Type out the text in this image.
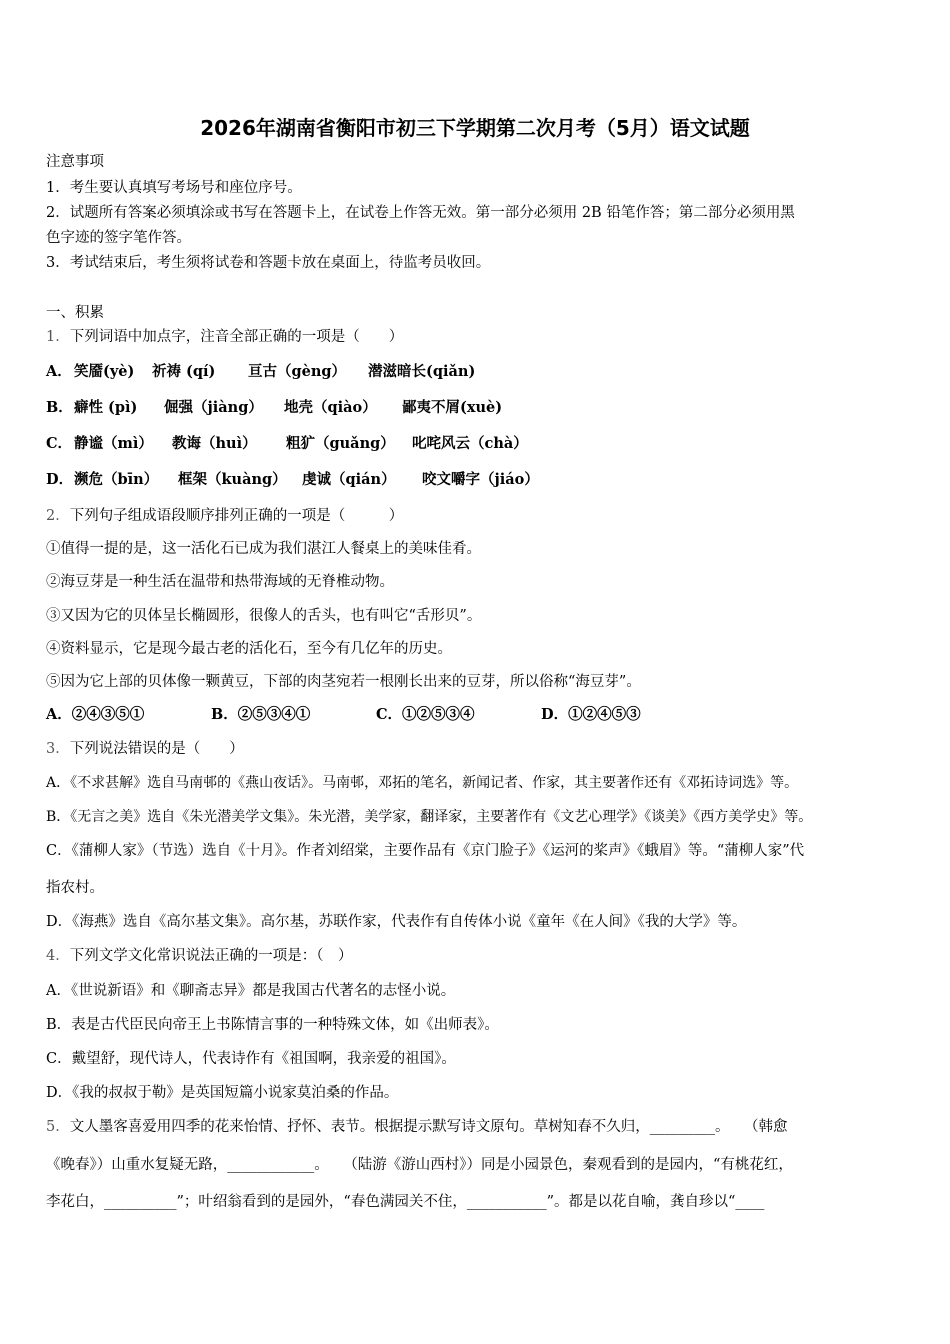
2026年湖南省衡阳市初三下学期第二次月考（5月）语文试题
注意事项
1．考生要认真填写考场号和座位序号。
2．试题所有答案必须填涂或书写在答题卡上，在试卷上作答无效。第一部分必须用 2B 铅笔作答；第二部分必须用黑
色字迹的签字笔作答。
3．考试结束后，考生须将试卷和答题卡放在桌面上，待监考员收回。
一、积累
1．下列词语中加点字，注音全部正确的一项是（　　）
A． 笑靥(yè) 祈祷 (qí) 亘古（gèng） 潜滋暗长(qiǎn)
B．癖性 (pì) 倔强（jiàng） 地壳（qiào） 鄙夷不屑(xuè)
C． 静谧（mì） 教诲（huì） 粗犷（guǎng） 叱咤风云（chà）
D．濒危（bīn） 框架（kuàng） 虔诚（qián） 咬文嚼字（jiáo）
2．下列句子组成语段顺序排列正确的一项是（　　　）
①值得一提的是，这一活化石已成为我们湛江人餐桌上的美味佳肴。
②海豆芽是一种生活在温带和热带海域的无脊椎动物。
③又因为它的贝体呈长椭圆形，很像人的舌头，也有叫它“舌形贝”。
④资料显示，它是现今最古老的活化石，至今有几亿年的历史。
⑤因为它上部的贝体像一颗黄豆，下部的肉茎宛若一根刚长出来的豆芽，所以俗称“海豆芽”。
A．②④③⑤①	B．②⑤③④①	C．①②⑤③④	D．①②④⑤③
3．下列说法错误的是（　　）
A．《不求甚解》选自马南邨的《燕山夜话》。马南邨，邓拓的笔名，新闻记者、作家，其主要著作还有《邓拓诗词选》等。
B．《无言之美》选自《朱光潜美学文集》。朱光潜，美学家，翻译家，主要著作有《文艺心理学》《谈美》《西方美学史》等。
C．《蒲柳人家》（节选）选自《十月》。作者刘绍棠，主要作品有《京门脸子》《运河的桨声》《蛾眉》等。“蒲柳人家”代
指农村。
D．《海燕》选自《高尔基文集》。高尔基，苏联作家，代表作有自传体小说《童年《在人间》《我的大学》等。
4．下列文学文化常识说法正确的一项是：（　）
A．《世说新语》和《聊斋志异》都是我国古代著名的志怪小说。
B．表是古代臣民向帝王上书陈情言事的一种特殊文体，如《出师表》。
C．戴望舒，现代诗人，代表诗作有《祖国啊，我亲爱的祖国》。
D．《我的叔叔于勒》是英国短篇小说家莫泊桑的作品。
5．文人墨客喜爱用四季的花来怡情、抒怀、表节。根据提示默写诗文原句。草树知春不久归，_________。　　（韩愈
《晚春》）山重水复疑无路，____________。　　（陆游《游山西村》）同是小园景色，秦观看到的是园内，“有桃花红，
李花白，__________”；叶绍翁看到的是园外，“春色满园关不住，___________”。都是以花自喻，龚自珍以“____
